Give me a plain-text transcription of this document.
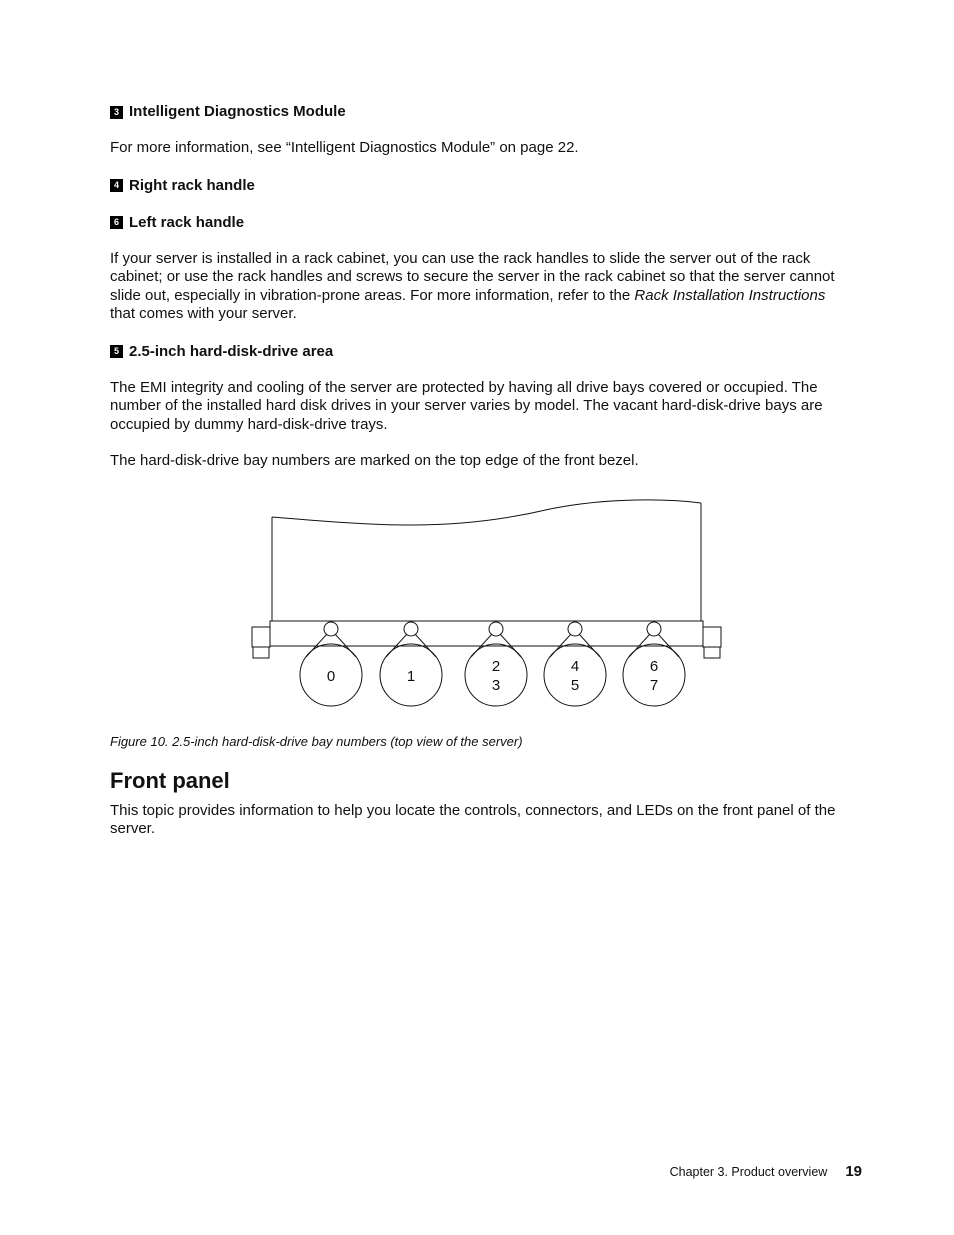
3 Intelligent Diagnostics Module

For more information, see “Intelligent Diagnostics Module” on page 22.

4 Right rack handle
6 Left rack handle

If your server is installed in a rack cabinet, you can use the rack handles to slide the server out of the rack cabinet; or use the rack handles and screws to secure the server in the rack cabinet so that the server cannot slide out, especially in vibration-prone areas. For more information, refer to the Rack Installation Instructions that comes with your server.

5 2.5-inch hard-disk-drive area

The EMI integrity and cooling of the server are protected by having all drive bays covered or occupied. The number of the installed hard disk drives in your server varies by model. The vacant hard-disk-drive bays are occupied by dummy hard-disk-drive trays.

The hard-disk-drive bay numbers are marked on the top edge of the front bezel.

0	1
2
3
4
5
6
7
Figure 10. 2.5-inch hard-disk-drive bay numbers (top view of the server)
Front panel

This topic provides information to help you locate the controls, connectors, and LEDs on the front panel of the server.

Chapter 3. Product overview 19
